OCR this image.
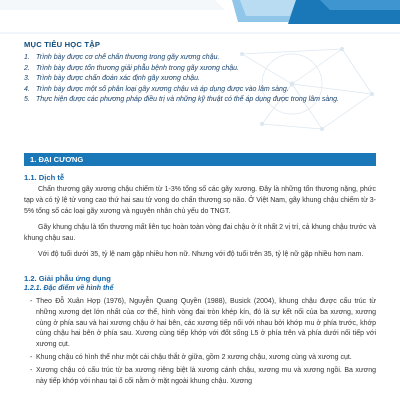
MỤC TIÊU HỌC TẬP
1. Trình bày được cơ chế chấn thương trong gãy xương chậu.
2. Trình bày được tổn thương giải phẫu bệnh trong gãy xương chậu.
3. Trình bày được chẩn đoán xác định gãy xương chậu.
4. Trình bày được một số phân loại gãy xương chậu và áp dụng được vào lâm sàng.
5. Thực hiện được các phương pháp điều trị và những kỹ thuật có thể áp dụng được trong lâm sàng.
1. ĐẠI CƯƠNG
1.1. Dịch tễ

Chấn thương gãy xương chậu chiếm từ 1-3% tổng số các gãy xương. Đây là những tổn thương nặng, phức tạp và có tỷ lệ tử vong cao thứ hai sau tử vong do chấn thương sọ não. Ở Việt Nam, gãy khung chậu chiếm từ 3-5% tổng số các loại gãy xương và nguyên nhân chủ yếu do TNGT.

Gãy khung chậu là tổn thương mất liên tục hoàn toàn vòng đai chậu ở ít nhất 2 vị trí, cả khung chậu trước và khung chậu sau.

Với độ tuổi dưới 35, tỷ lệ nam gặp nhiều hơn nữ. Nhưng với độ tuổi trên 35, tỷ lệ nữ gặp nhiều hơn nam.

1.2. Giải phẫu ứng dụng
1.2.1. Đặc điểm về hình thể
- Theo Đỗ Xuân Hợp (1976), Nguyễn Quang Quyền (1988), Busick (2004), khung chậu được cấu trúc từ những xương dẹt lớn nhất của cơ thể, hình vòng đai tròn khép kín, đó là sự kết nối của ba xương, xương cùng ở phía sau và hai xương chậu ở hai bên, các xương tiếp nối với nhau bởi khớp mu ở phía trước, khớp cùng chậu hai bên ở phía sau. Xương cùng tiếp khớp với đốt sống L5 ở phía trên và phía dưới nối tiếp với xương cụt.
- Khung chậu có hình thể như một cái chậu thắt ở giữa, gồm 2 xương chậu, xương cùng và xương cụt.
- Xương chậu có cấu trúc từ ba xương riêng biệt là xương cánh chậu, xương mu và xương ngồi. Ba xương này tiếp khớp với nhau tại ổ cối nằm ở mặt ngoài khung chậu. Xương
